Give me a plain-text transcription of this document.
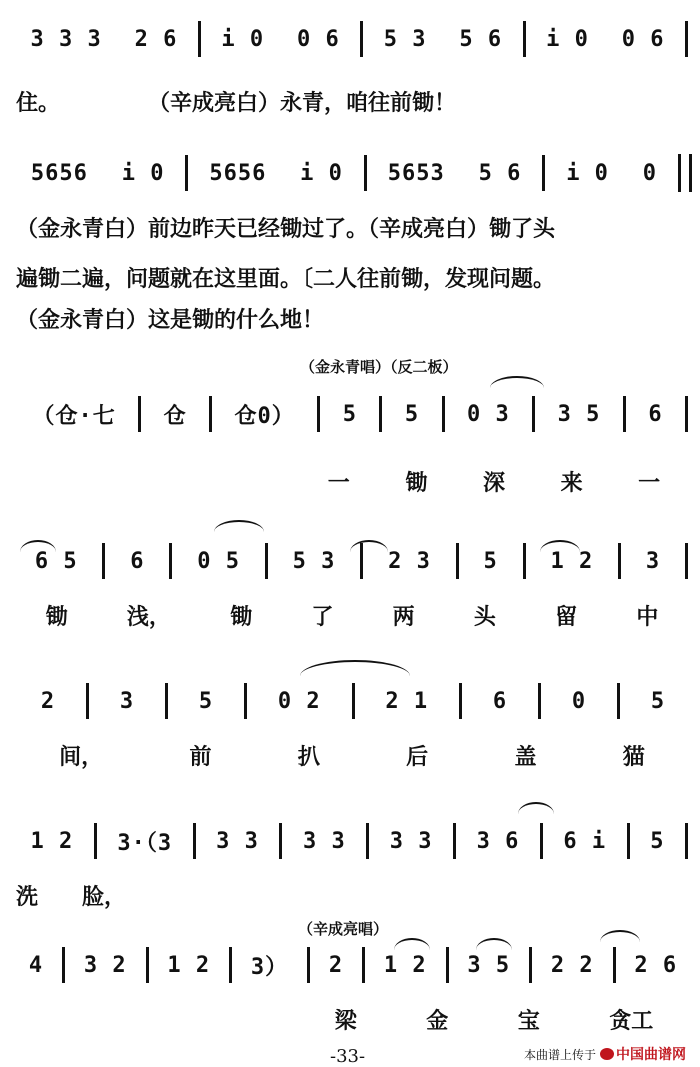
3 3 3	2 6	i 0	0 6	5 3	5 6	i 0	0 6
住。　　　　　（辛成亮白）永青，咱往前锄！
5656	i 0	5656	i 0	5653	5 6	i 0	0
（金永青白）前边昨天已经锄过了。（辛成亮白）锄了头
遍锄二遍，问题就在这里面。〔二人往前锄，发现问题。
（金永青白）这是锄的什么地！
（金永青唱）（反二板）
（仓·七	仓	仓0）	5	5	0 3	3 5	6
一	锄	深	来	一
6 5	6	0 5	5 3	2 3	5	1 2	3
锄	浅，	锄	了	两	头	留	中
2	3	5	0 2	2 1	6	0	5
间，	前	扒	后	盖	猫
1 2	3·（3	3 3	3 3	3 3	3 6	6 i	5
洗　　脸，
（辛成亮唱）
4	3 2	1 2	3）	2	1 2	3 5	2 2	2 6
梁	金	宝	贪工
-33-	本曲谱上传于 中国曲谱网
